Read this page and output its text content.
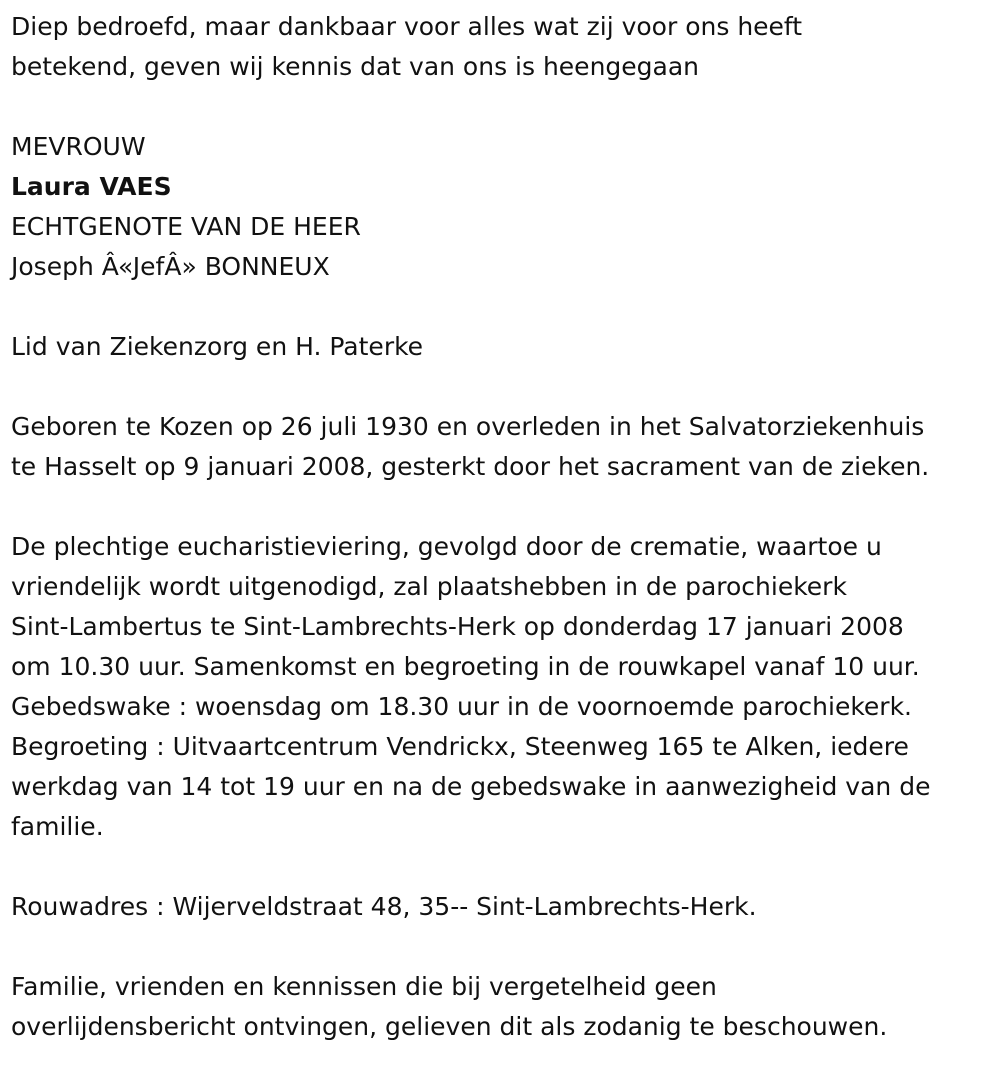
Diep bedroefd, maar dankbaar voor alles wat zij voor ons heeft
betekend, geven wij kennis dat van ons is heengegaan
MEVROUW
Laura VAES
ECHTGENOTE VAN DE HEER
Joseph Â«JefÂ» BONNEUX
Lid van Ziekenzorg en H. Paterke
Geboren te Kozen op 26 juli 1930 en overleden in het Salvatorziekenhuis
te Hasselt op 9 januari 2008, gesterkt door het sacrament van de zieken.
De plechtige eucharistieviering, gevolgd door de crematie, waartoe u
vriendelijk wordt uitgenodigd, zal plaatshebben in de parochiekerk
Sint-Lambertus te Sint-Lambrechts-Herk op donderdag 17 januari 2008
om 10.30 uur. Samenkomst en begroeting in de rouwkapel vanaf 10 uur.
Gebedswake : woensdag om 18.30 uur in de voornoemde parochiekerk.
Begroeting : Uitvaartcentrum Vendrickx, Steenweg 165 te Alken, iedere
werkdag van 14 tot 19 uur en na de gebedswake in aanwezigheid van de
familie.
Rouwadres : Wijerveldstraat 48, 35-- Sint-Lambrechts-Herk.
Familie, vrienden en kennissen die bij vergetelheid geen
overlijdensbericht ontvingen, gelieven dit als zodanig te beschouwen.
